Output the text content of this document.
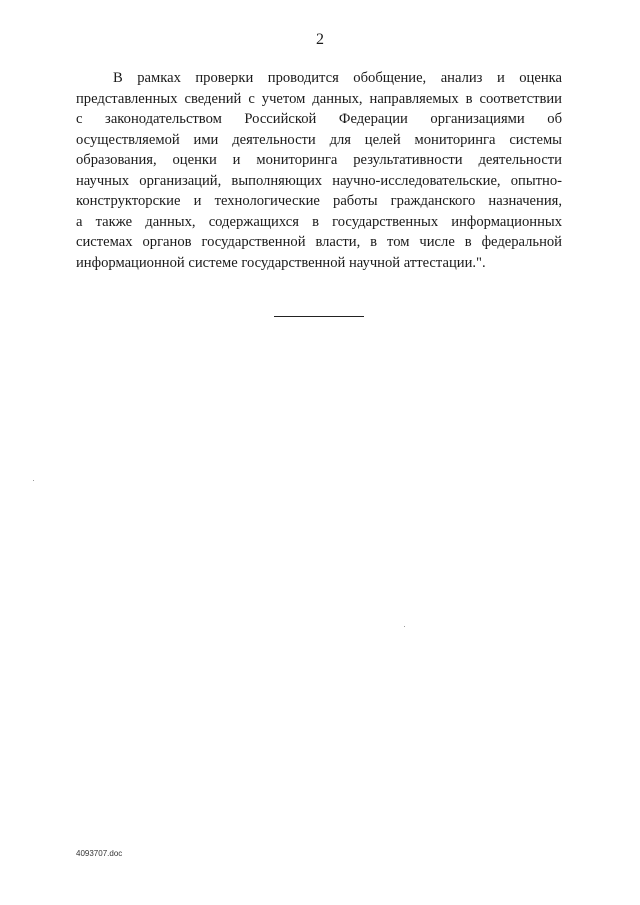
2
В рамках проверки проводится обобщение, анализ и оценка
представленных сведений с учетом данных, направляемых в соответствии
с законодательством Российской Федерации организациями об
осуществляемой ими деятельности для целей мониторинга системы
образования, оценки и мониторинга результативности деятельности
научных организаций, выполняющих научно-исследовательские, опытно-
конструкторские и технологические работы гражданского назначения,
а также данных, содержащихся в государственных информационных
системах органов государственной власти, в том числе в федеральной
информационной системе государственной научной аттестации.".
4093707.doc
